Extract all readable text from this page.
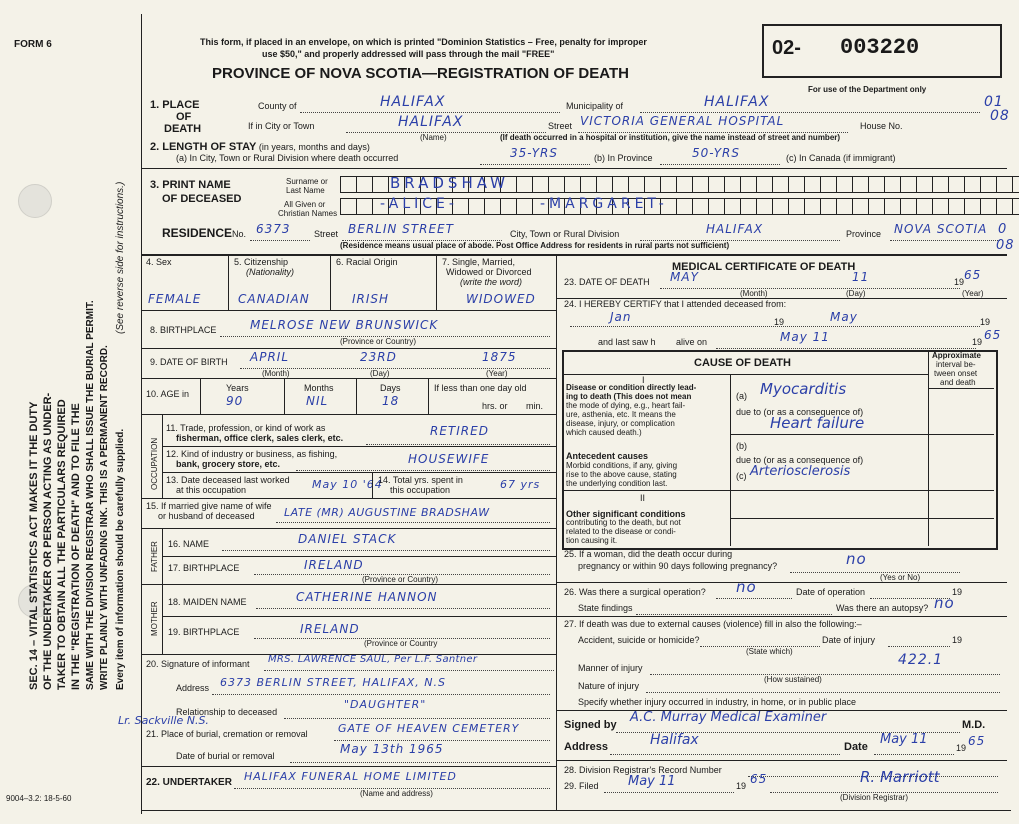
FORM 6
9004–3.2: 18-5-60
SEC. 14 – VITAL STATISTICS ACT MAKES IT THE DUTY OF THE UNDERTAKER OR PERSON ACTING AS UNDER- TAKER TO OBTAIN ALL THE PARTICULARS REQUIRED IN THE "REGISTRATION OF DEATH" AND TO FILE THE SAME WITH THE DIVISION REGISTRAR WHO SHALL ISSUE THE BURIAL PERMIT. WRITE PLAINLY WITH UNFADING INK. THIS IS A PERMANENT RECORD. Every item of information should be carefully supplied.
(See reverse side for instructions.)
This form, if placed in an envelope, on which is printed "Dominion Statistics – Free, penalty for improper
use $50," and properly addressed will pass through the mail "FREE"
PROVINCE OF NOVA SCOTIA—REGISTRATION OF DEATH
02- 003220
For use of the Department only
01
08
1. PLACE
OF
DEATH
County of	HALIFAX	Municipality of	HALIFAX
If in City or Town	HALIFAX
(Name)
Street VICTORIA GENERAL HOSPITAL	House No.
(If death occurred in a hospital or institution, give the name instead of street and number)
2. LENGTH OF STAY (in years, months and days)
(a) In City, Town or Rural Division where death occurred	35-YRS	(b) In Province	50-YRS	(c) In Canada (if immigrant)
3. PRINT NAME
OF DECEASED
Surname or
Last Name
All Given or
Christian Names
BRADSHAW
-ALICE-	-MARGARET-
RESIDENCE No. 6373	Street BERLIN STREET	City, Town or Rural Division	HALIFAX	Province NOVA SCOTIA 0
08
(Residence means usual place of abode. Post Office Address for residents in rural parts not sufficient)
4. Sex	5. Citizenship
(Nationality)
6. Racial Origin	7. Single, Married,
Widowed or Divorced
(write the word)
FEMALE	CANADIAN	IRISH	WIDOWED
8. BIRTHPLACE	MELROSE NEW BRUNSWICK
(Province or Country)
9. DATE OF BIRTH APRIL	23RD	1875
(Month)	(Day)	(Year)
10. AGE in
Years	Months	Days	If less than one day old
90	NIL	18	hrs. or min.
OCCUPATION
11. Trade, profession, or kind of work as
fisherman, office clerk, sales clerk, etc.	RETIRED
12. Kind of industry or business, as fishing,
bank, grocery store, etc.	HOUSEWIFE
13. Date deceased last worked
at this occupation	May 10 '64
14. Total yrs. spent in
this occupation	67 yrs
15. If married give name of wife
or husband of deceased	LATE (MR) AUGUSTINE BRADSHAW
FATHER 16. NAME	DANIEL STACK
17. BIRTHPLACE	IRELAND
(Province or Country)
MOTHER 18. MAIDEN NAME	CATHERINE HANNON
19. BIRTHPLACE	IRELAND
(Province or Country
20. Signature of informant MRS. LAWRENCE SAUL, Per L.F. Santner
Address 6373 BERLIN STREET, HALIFAX, N.S
Relationship to deceased
"DAUGHTER"
Lr. Sackville N.S.
21. Place of burial, cremation or removal	GATE OF HEAVEN CEMETERY
Date of burial or removal	May 13th 1965
22. UNDERTAKER HALIFAX FUNERAL HOME LIMITED
(Name and address)
MEDICAL CERTIFICATE OF DEATH
23. DATE OF DEATH MAY	11	19 65
(Month)	(Day)	(Year)
24. I HEREBY CERTIFY that I attended deceased from:
Jan	19	May	19
and last saw h alive on	May 11	19 65
CAUSE OF DEATH
Approximate
interval be-
tween onset
and death
I
Disease or condition directly lead-
ing to death (This does not mean
the mode of dying, e.g., heart fail-
ure, asthenia, etc. It means the
disease, injury, or complication
which caused death.)
(a) Myocarditis
due to (or as a consequence of)
Heart failure
(b)
Antecedent causes
Morbid conditions, if any, giving
rise to the above cause, stating
the underlying condition last.
due to (or as a consequence of)
(c) Arteriosclerosis
II
Other significant conditions
contributing to the death, but not
related to the disease or condi-
tion causing it.
25. If a woman, did the death occur during
pregnancy or within 90 days following pregnancy?	no
(Yes or No)
26. Was there a surgical operation? no	Date of operation	19
State findings	Was there an autopsy? no
27. If death was due to external causes (violence) fill in also the following:–
Accident, suicide or homicide?	Date of injury	19
(State which)
Manner of injury	422.1
(How sustained)
Nature of injury
Specify whether injury occurred in industry, in home, or in public place
Signed by A.C. Murray Medical Examiner	M.D.
Address	Halifax	Date May 11
19 65
28. Division Registrar's Record Number
29. Filed May 11	19 65	R. Marriott
(Division Registrar)
